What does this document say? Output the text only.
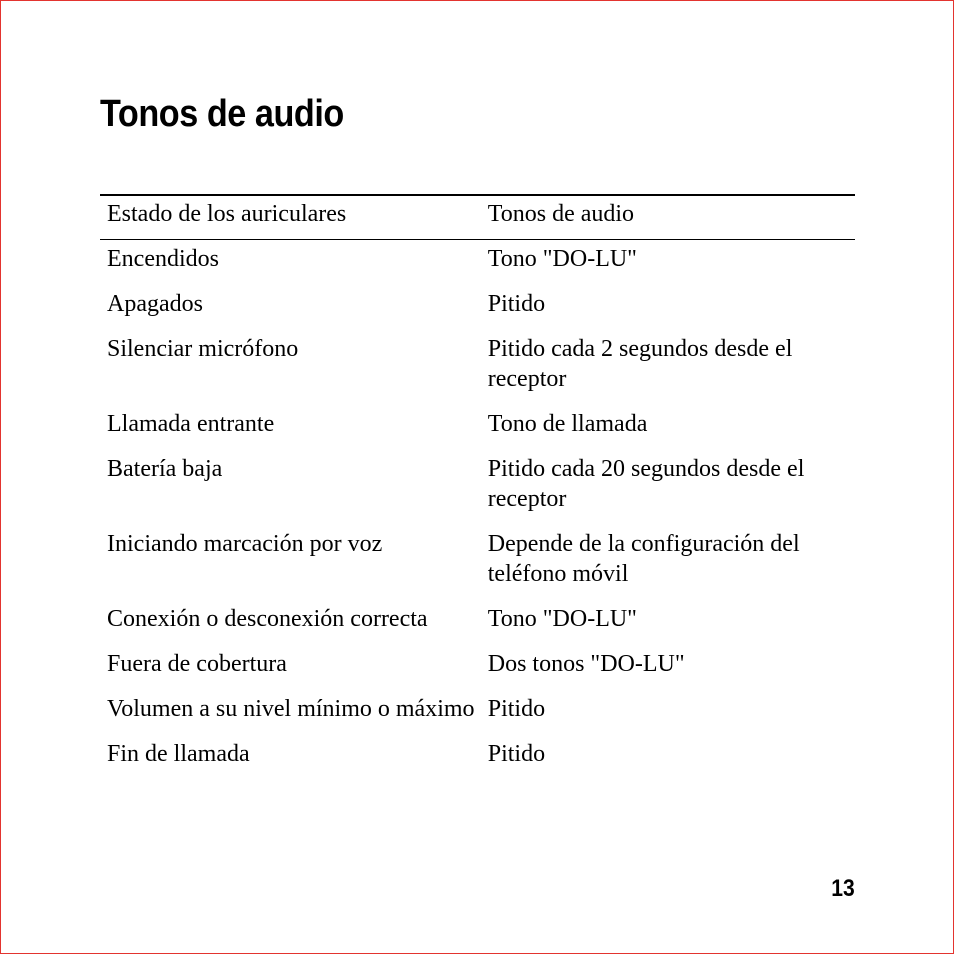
Tonos de audio
Estado de los auriculares	Tonos de audio
Encendidos	Tono "DO-LU"
Apagados	Pitido
Silenciar micrófono	Pitido cada 2 segundos desde el receptor
Llamada entrante	Tono de llamada
Batería baja	Pitido cada 20 segundos desde el receptor
Iniciando marcación por voz	Depende de la configuración del teléfono móvil
Conexión o desconexión correcta	Tono "DO-LU"
Fuera de cobertura	Dos tonos "DO-LU"
Volumen a su nivel mínimo o máximo	Pitido
Fin de llamada	Pitido
13
